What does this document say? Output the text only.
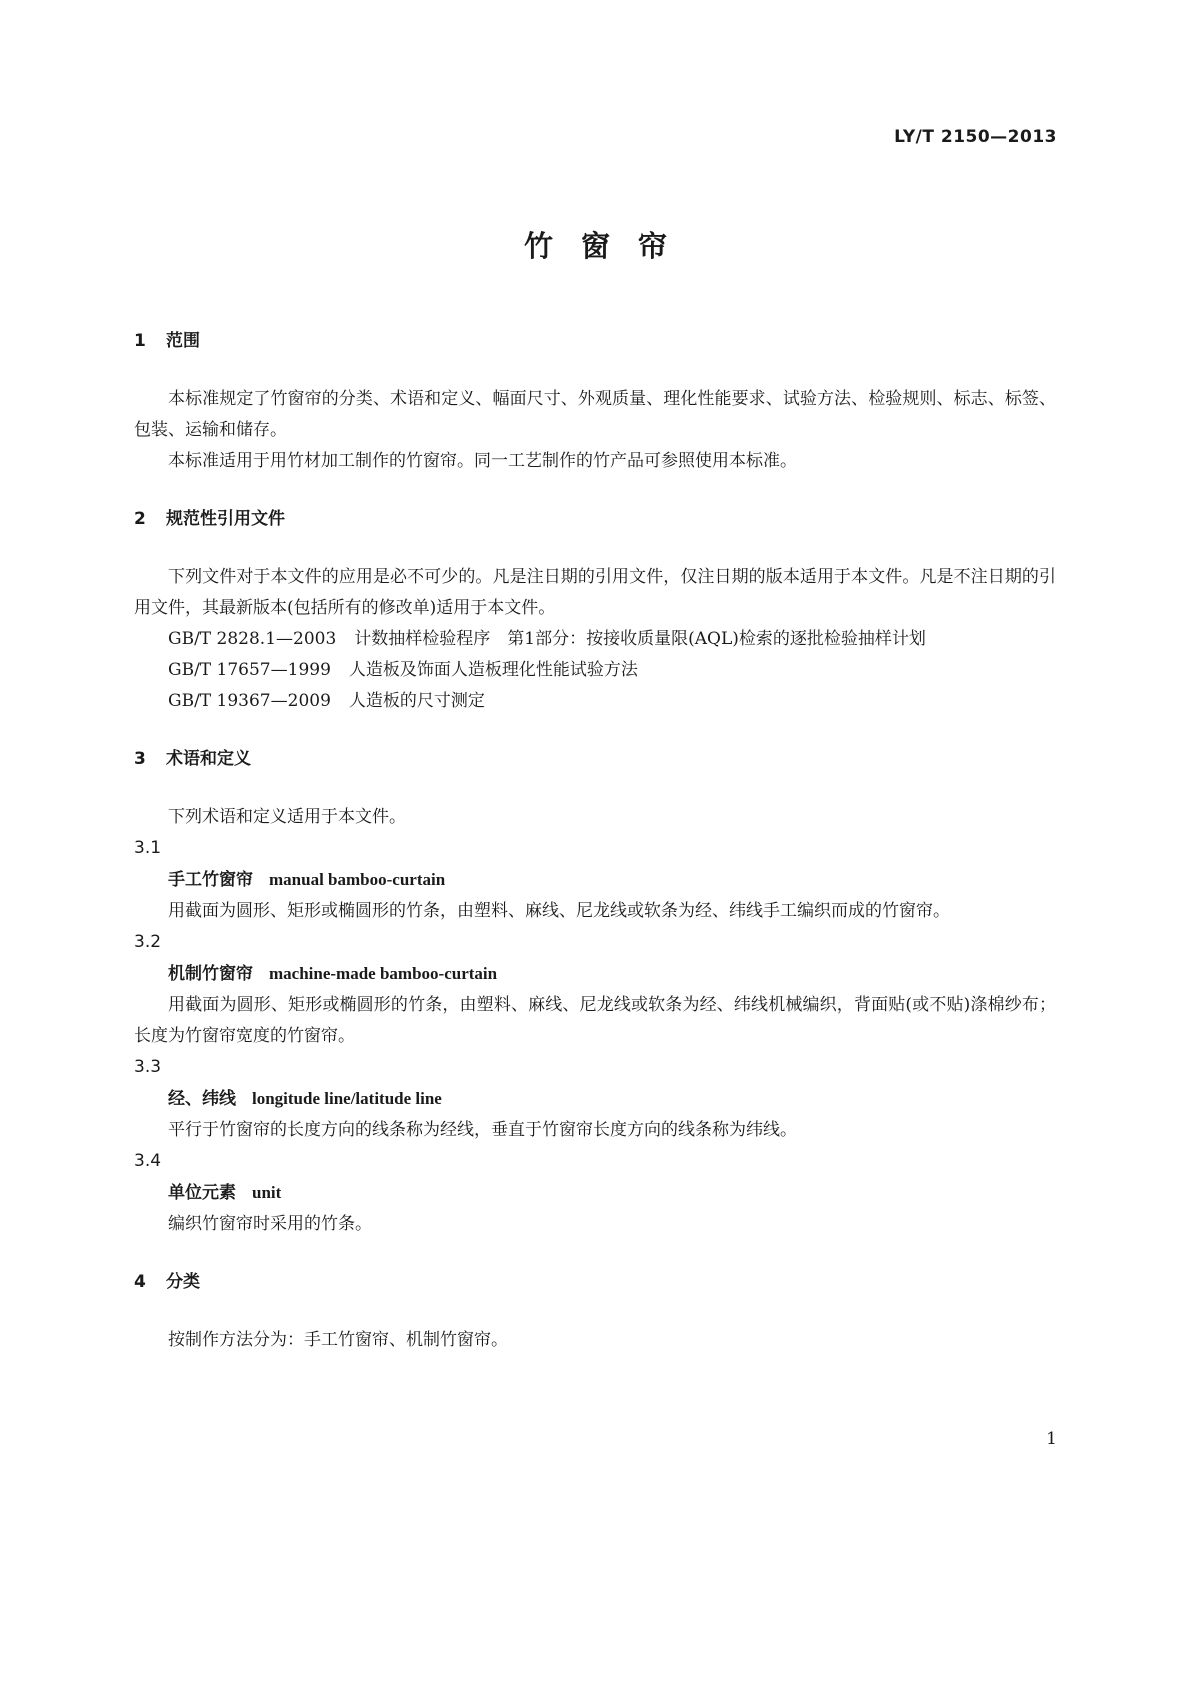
LY/T 2150—2013
竹窗帘
1 范围

本标准规定了竹窗帘的分类、术语和定义、幅面尺寸、外观质量、理化性能要求、试验方法、检验规则、标志、标签、包装、运输和储存。

本标准适用于用竹材加工制作的竹窗帘。同一工艺制作的竹产品可参照使用本标准。

2 规范性引用文件

下列文件对于本文件的应用是必不可少的。凡是注日期的引用文件，仅注日期的版本适用于本文件。凡是不注日期的引用文件，其最新版本(包括所有的修改单)适用于本文件。

GB/T 2828.1—2003 计数抽样检验程序　第1部分：按接收质量限(AQL)检索的逐批检验抽样计划

GB/T 17657—1999 人造板及饰面人造板理化性能试验方法

GB/T 19367—2009 人造板的尺寸测定

3 术语和定义

下列术语和定义适用于本文件。

3.1
手工竹窗帘 manual bamboo-curtain

用截面为圆形、矩形或椭圆形的竹条，由塑料、麻线、尼龙线或软条为经、纬线手工编织而成的竹窗帘。

3.2
机制竹窗帘 machine-made bamboo-curtain

用截面为圆形、矩形或椭圆形的竹条，由塑料、麻线、尼龙线或软条为经、纬线机械编织，背面贴(或不贴)涤棉纱布；长度为竹窗帘宽度的竹窗帘。

3.3
经、纬线 longitude line/latitude line

平行于竹窗帘的长度方向的线条称为经线，垂直于竹窗帘长度方向的线条称为纬线。

3.4
单位元素 unit

编织竹窗帘时采用的竹条。

4 分类

按制作方法分为：手工竹窗帘、机制竹窗帘。

1
